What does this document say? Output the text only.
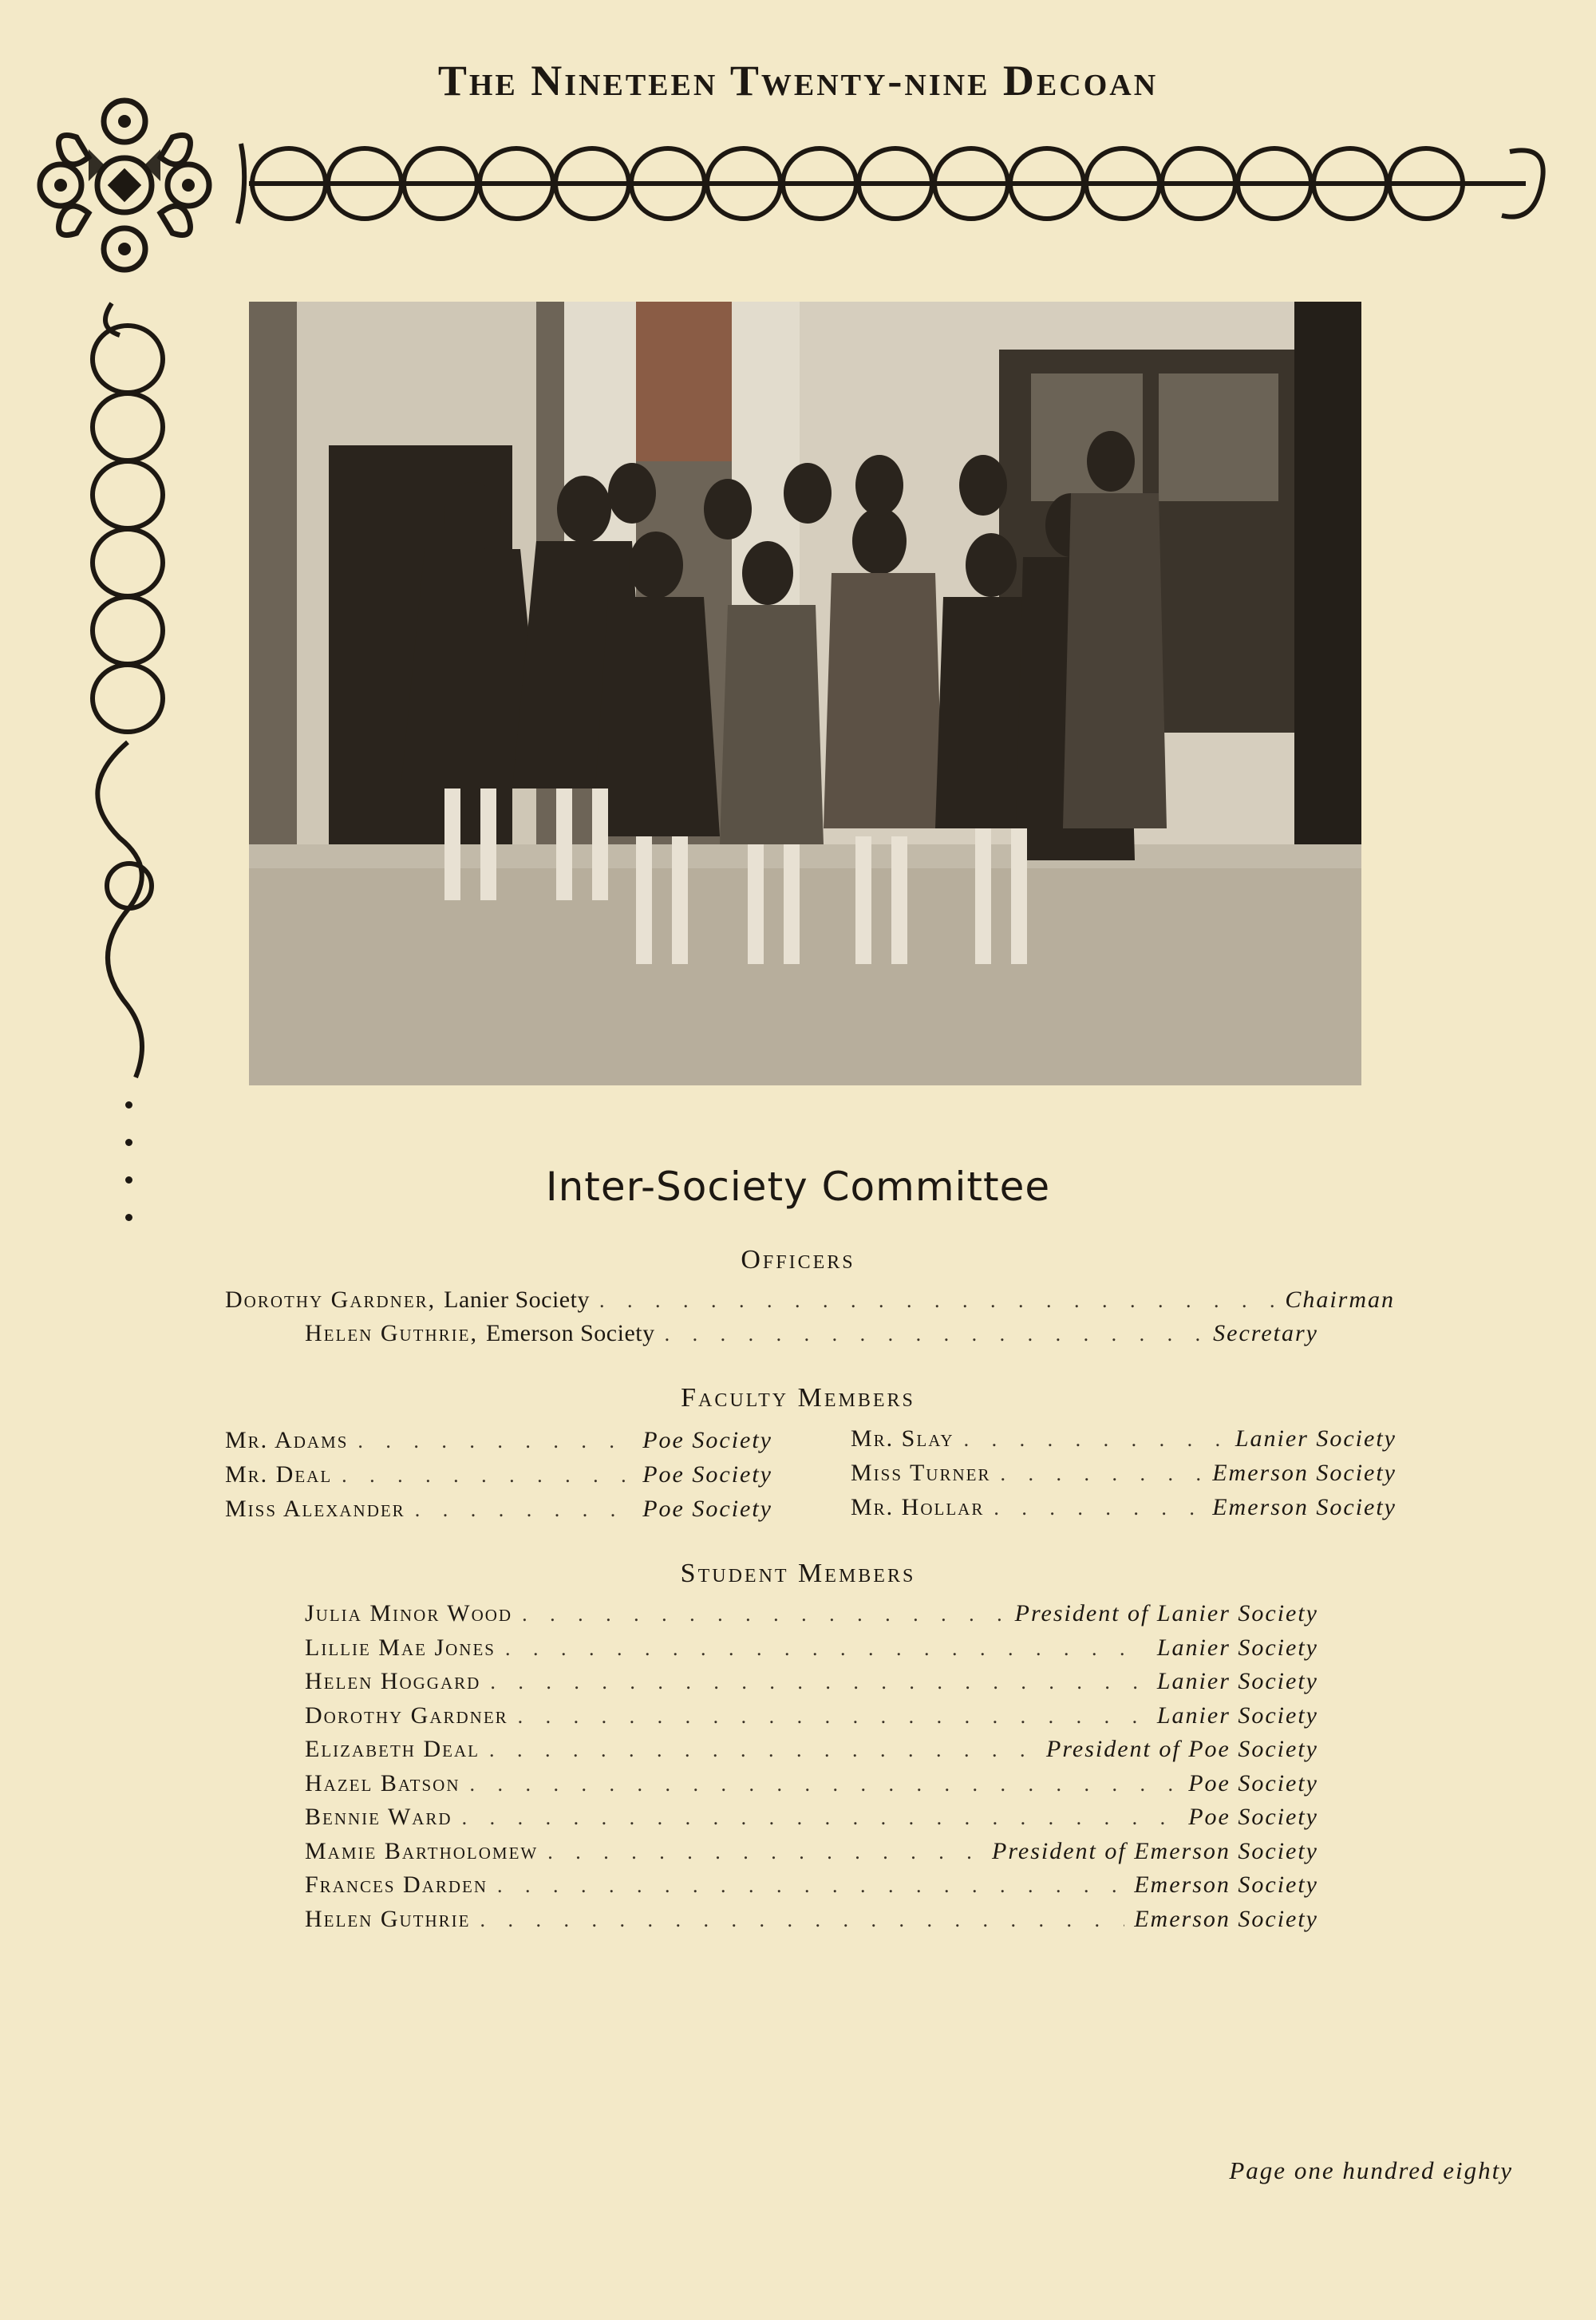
The Nineteen Twenty-nine Decoan
Inter-Society Committee
Officers
Dorothy Gardner, Lanier Society . . .	Chairman
Helen Guthrie, Emerson Society . . .	Secretary
Faculty Members
Mr. Adams . . .	Poe Society
Mr. Deal . . .	Poe Society
Miss Alexander . . .	Poe Society
Mr. Slay . . .	Lanier Society
Miss Turner . . .	Emerson Society
Mr. Hollar . . .	Emerson Society
Student Members
Julia Minor Wood . . .	President of Lanier Society
Lillie Mae Jones . . .	Lanier Society
Helen Hoggard . . .	Lanier Society
Dorothy Gardner . . .	Lanier Society
Elizabeth Deal . . .	President of Poe Society
Hazel Batson . . .	Poe Society
Bennie Ward . . .	Poe Society
Mamie Bartholomew . . .	President of Emerson Society
Frances Darden . . .	Emerson Society
Helen Guthrie . . .	Emerson Society
Page one hundred eighty
